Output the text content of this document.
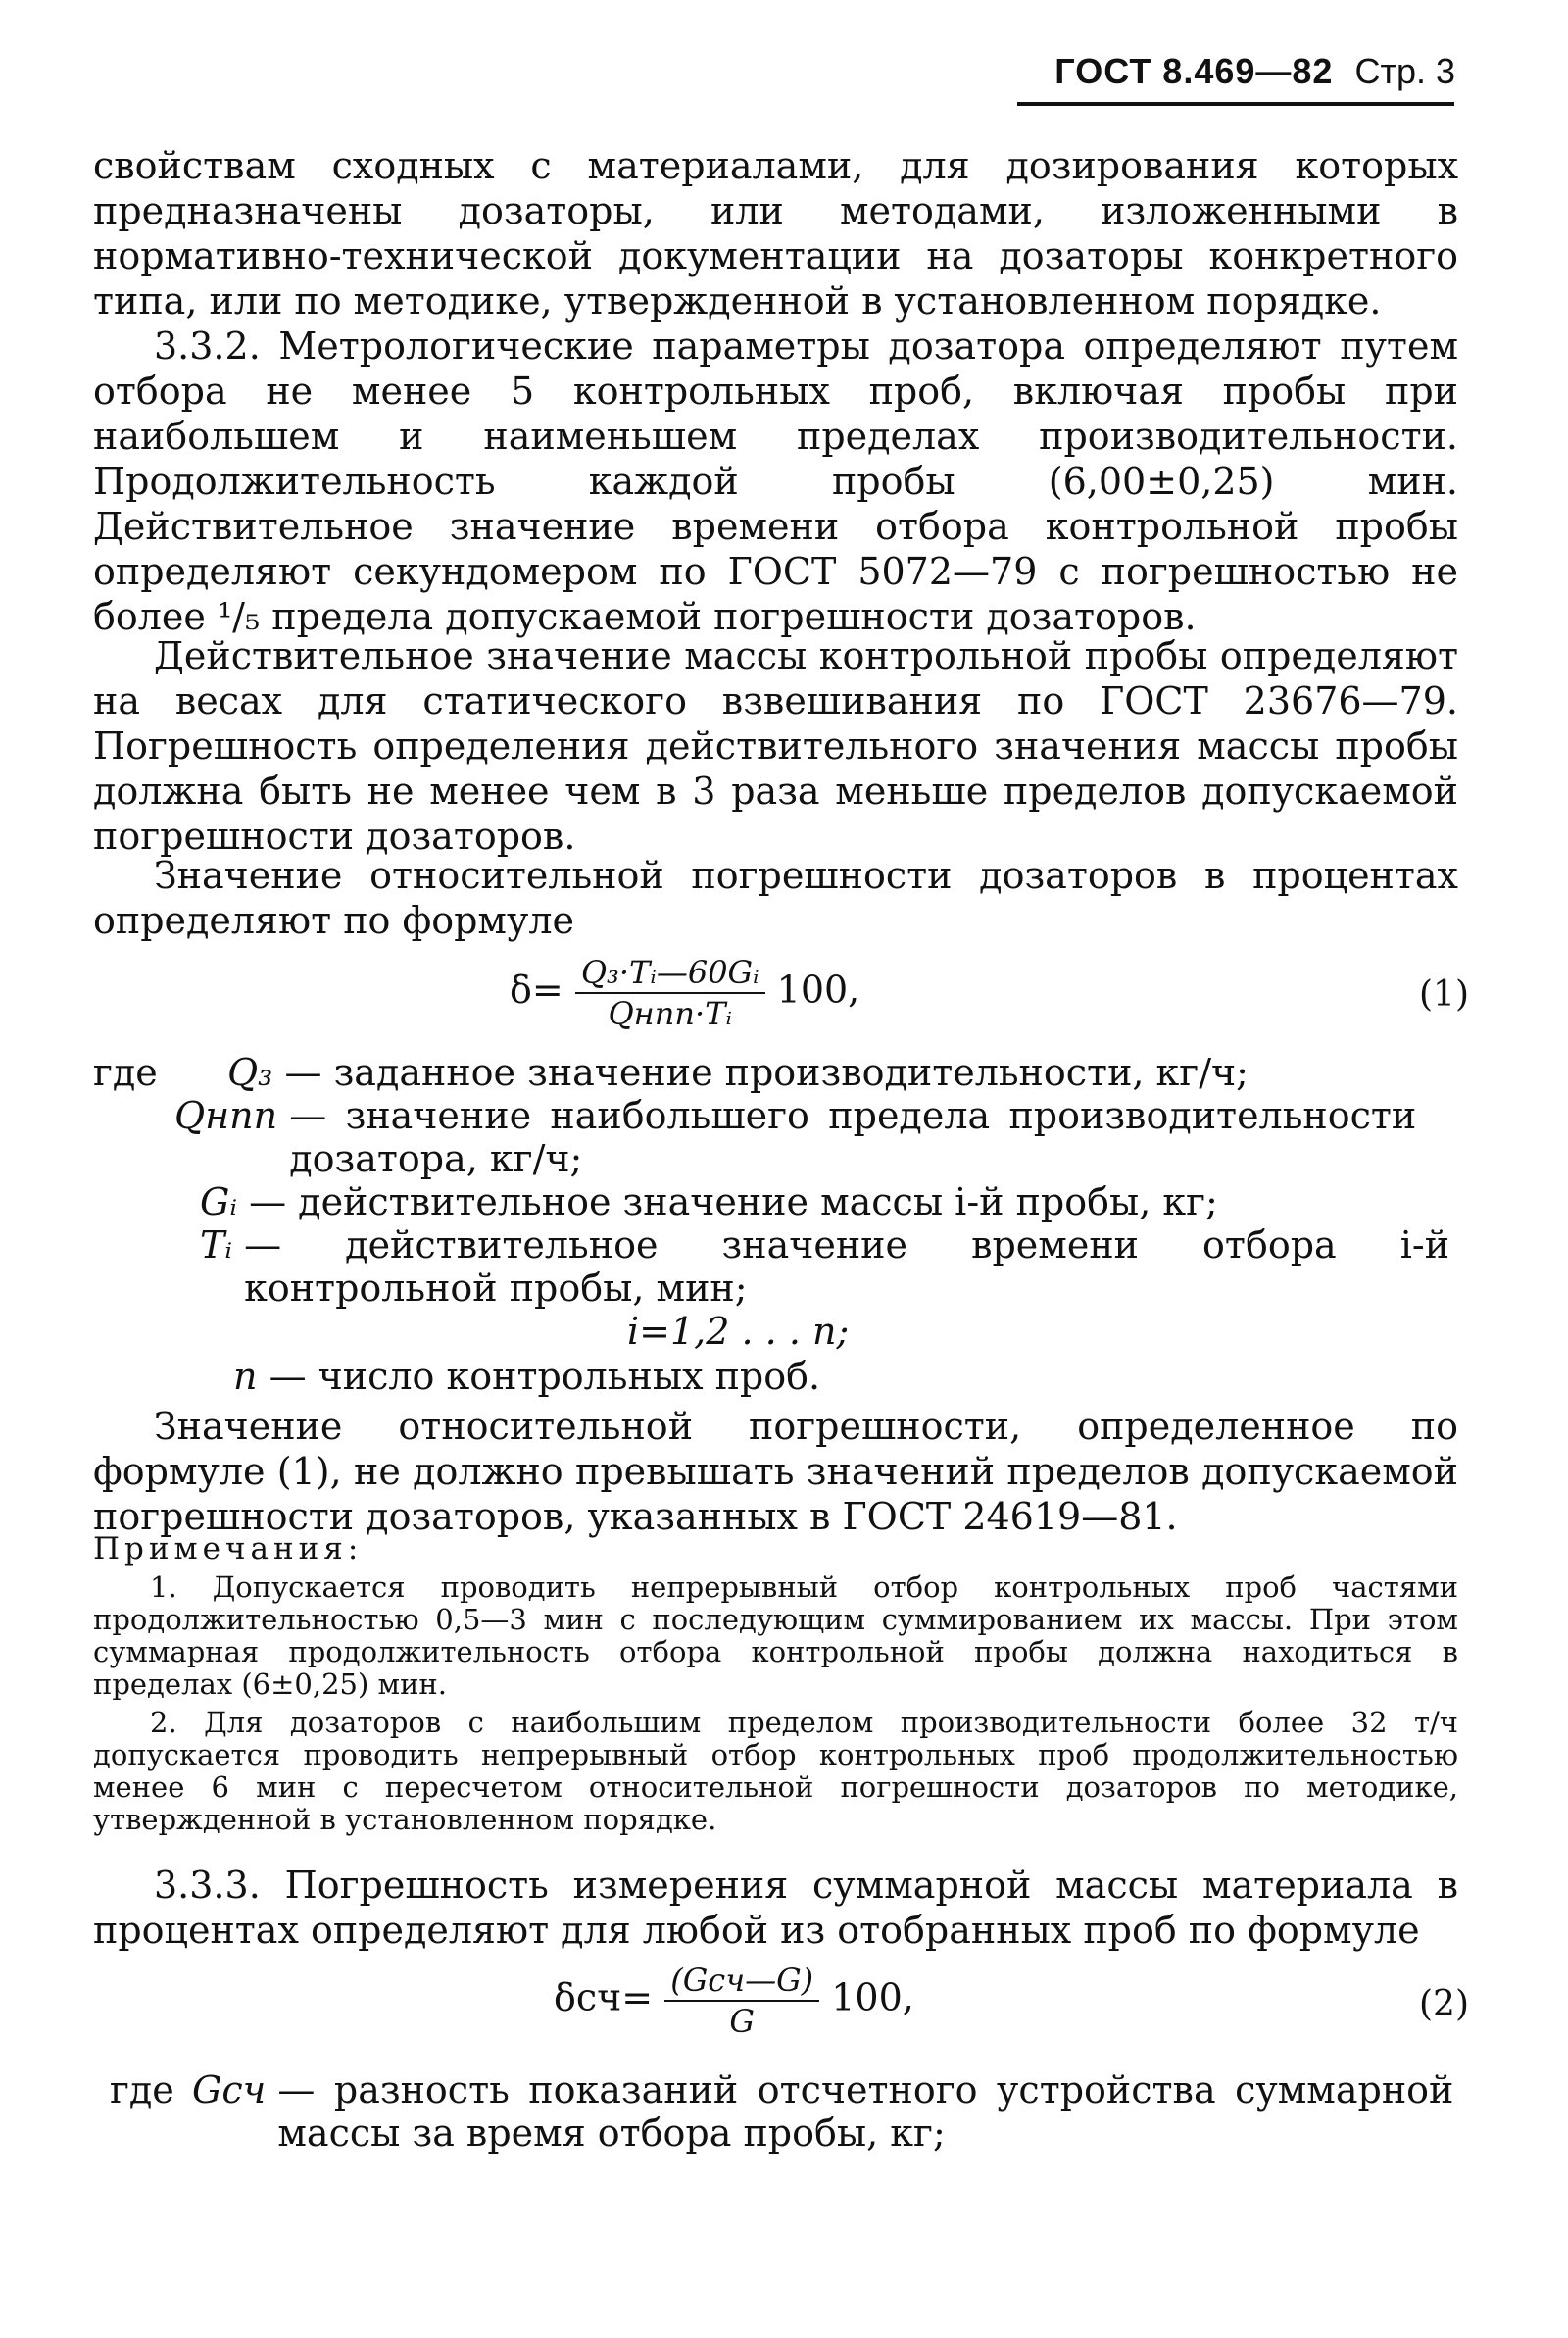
ГОСТ 8.469—82 Стр. 3

свойствам сходных с материалами, для дозирования которых предназначены дозаторы, или методами, изложенными в нормативно-технической документации на дозаторы конкретного типа, или по методике, утвержденной в установленном порядке.

3.3.2. Метрологические параметры дозатора определяют путем отбора не менее 5 контрольных проб, включая пробы при наибольшем и наименьшем пределах производительности. Продолжительность каждой пробы (6,00±0,25) мин. Действительное значение времени отбора контрольной пробы определяют секундомером по ГОСТ 5072—79 с погрешностью не более ¹/₅ предела допускаемой погрешности дозаторов.

Действительное значение массы контрольной пробы определяют на весах для статического взвешивания по ГОСТ 23676—79. Погрешность определения действительного значения массы пробы должна быть не менее чем в 3 раза меньше пределов допускаемой погрешности дозаторов.

Значение относительной погрешности дозаторов в процентах определяют по формуле

$\delta= \frac{\text{Q₃·Tᵢ—60Gᵢ}}{\text{Qнпп·Tᵢ}} 100$,	(1)
где Q₃ — заданное значение производительности, кг/ч;
Qнпп — значение наибольшего предела производительности дозатора, кг/ч;
Gᵢ — действительное значение массы i-й пробы, кг;
Tᵢ — действительное значение времени отбора i-й контрольной пробы, мин;
i=1,2 . . . n;
n — число контрольных проб.

Значение относительной погрешности, определенное по формуле (1), не должно превышать значений пределов допускаемой погрешности дозаторов, указанных в ГОСТ 24619—81.

Примечания:

1. Допускается проводить непрерывный отбор контрольных проб частями продолжительностью 0,5—3 мин с последующим суммированием их массы. При этом суммарная продолжительность отбора контрольной пробы должна находиться в пределах (6±0,25) мин.

2. Для дозаторов с наибольшим пределом производительности более 32 т/ч допускается проводить непрерывный отбор контрольных проб продолжительностью менее 6 мин с пересчетом относительной погрешности дозаторов по методике, утвержденной в установленном порядке.

3.3.3. Погрешность измерения суммарной массы материала в процентах определяют для любой из отобранных проб по формуле

$\delta сч= \frac{\text{(Gсч—G)}}{G} 100$,	(2)
где Gсч — разность показаний отсчетного устройства суммарной массы за время отбора пробы, кг;
